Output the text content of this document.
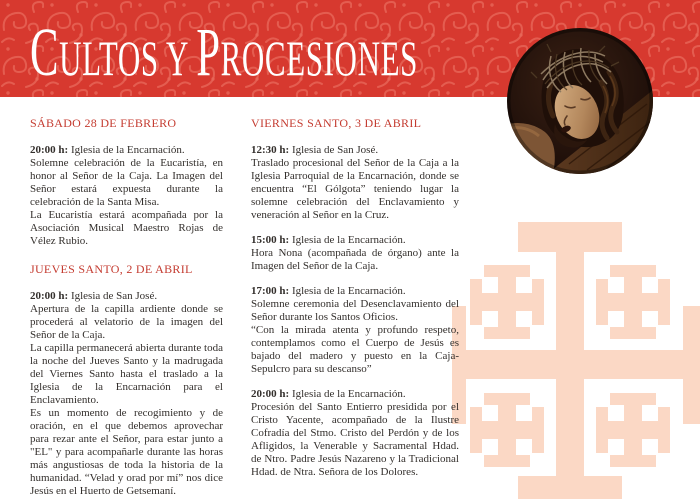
CULTOS Y PROCESIONES
SÁBADO 28 DE FEBRERO

20:00 h: Iglesia de la Encarnación.

Solemne celebración de la Eucaristía, en honor al Señor de la Caja. La Imagen del Señor estará expuesta durante la celebración de la Santa Misa.

La Eucaristía estará acompañada por la Asociación Musical Maestro Rojas de Vélez Rubio.

JUEVES SANTO, 2 DE ABRIL

20:00 h: Iglesia de San José.

Apertura de la capilla ardiente donde se procederá al velatorio de la imagen del Señor de la Caja.

La capilla permanecerá abierta durante toda la noche del Jueves Santo y la madrugada del Viernes Santo hasta el traslado a la Iglesia de la Encarnación para el Enclavamiento.

Es un momento de recogimiento y de oración, en el que debemos aprovechar para rezar ante el Señor, para estar junto a "EL" y para acompañarle durante las horas más angustiosas de toda la historia de la humanidad. “Velad y orad por mí” nos dice Jesús en el Huerto de Getsemaní.

VIERNES SANTO, 3 DE ABRIL

12:30 h: Iglesia de San José.

Traslado procesional del Señor de la Caja a la Iglesia Parroquial de la Encarnación, donde se encuentra “El Gólgota” teniendo lugar la solemne celebración del Enclavamiento y veneración al Señor en la Cruz.

15:00 h: Iglesia de la Encarnación.

Hora Nona (acompañada de órgano) ante la Imagen del Señor de la Caja.

17:00 h: Iglesia de la Encarnación.

Solemne ceremonia del Desenclavamiento del Señor durante los Santos Oficios.

“Con la mirada atenta y profundo respeto, contemplamos como el Cuerpo de Jesús es bajado del madero y puesto en la Caja-Sepulcro para su descanso”

20:00 h: Iglesia de la Encarnación.

Procesión del Santo Entierro presidida por el Cristo Yacente, acompañado de la Ilustre Cofradía del Stmo. Cristo del Perdón y de los Afligidos, la Venerable y Sacramental Hdad. de Ntro. Padre Jesús Nazareno y la Tradicional Hdad. de Ntra. Señora de los Dolores.
